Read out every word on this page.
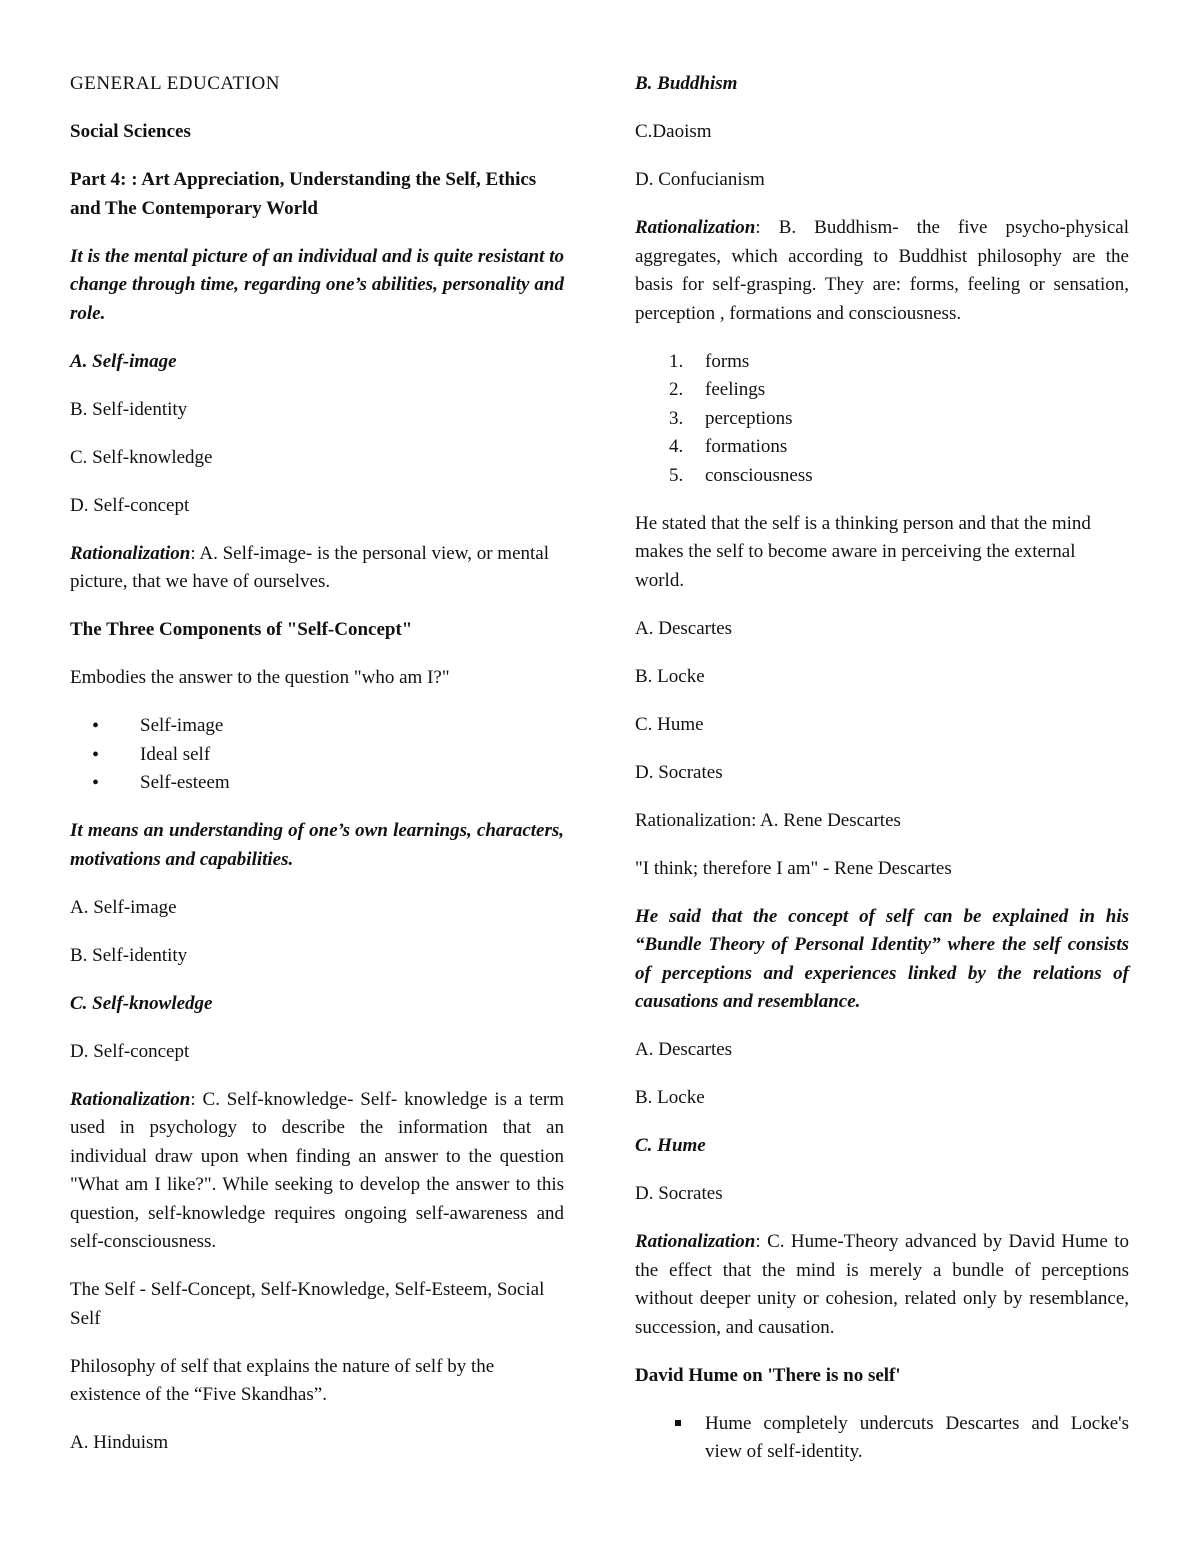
GENERAL EDUCATION

Social Sciences

Part 4: : Art Appreciation, Understanding the Self, Ethics and The Contemporary World

It is the mental picture of an individual and is quite resistant to change through time, regarding one’s abilities, personality and role.

A. Self-image

B. Self-identity

C. Self-knowledge

D. Self-concept

Rationalization: A. Self-image- is the personal view, or mental picture, that we have of ourselves.

The Three Components of "Self-Concept"

Embodies the answer to the question "who am I?"

• Self-image
• Ideal self
• Self-esteem

It means an understanding of one’s own learnings, characters, motivations and capabilities.

A. Self-image

B. Self-identity

C. Self-knowledge

D. Self-concept

Rationalization: C. Self-knowledge- Self- knowledge is a term used in psychology to describe the information that an individual draw upon when finding an answer to the question "What am I like?". While seeking to develop the answer to this question, self-knowledge requires ongoing self-awareness and self-consciousness.

The Self - Self-Concept, Self-Knowledge, Self-Esteem, Social Self

Philosophy of self that explains the nature of self by the existence of the “Five Skandhas”.

A. Hinduism

B. Buddhism

C.Daoism

D. Confucianism

Rationalization: B. Buddhism- the five psycho-physical aggregates, which according to Buddhist philosophy are the basis for self-grasping. They are: forms, feeling or sensation, perception , formations and consciousness.

1. forms
2. feelings
3. perceptions
4. formations
5. consciousness

He stated that the self is a thinking person and that the mind makes the self to become aware in perceiving the external world.

A. Descartes

B. Locke

C. Hume

D. Socrates

Rationalization: A. Rene Descartes

"I think; therefore I am" - Rene Descartes

He said that the concept of self can be explained in his “Bundle Theory of Personal Identity” where the self consists of perceptions and experiences linked by the relations of causations and resemblance.

A. Descartes

B. Locke

C. Hume

D. Socrates

Rationalization: C. Hume-Theory advanced by David Hume to the effect that the mind is merely a bundle of perceptions without deeper unity or cohesion, related only by resemblance, succession, and causation.

David Hume on 'There is no self'

Hume completely undercuts Descartes and Locke's view of self-identity.
